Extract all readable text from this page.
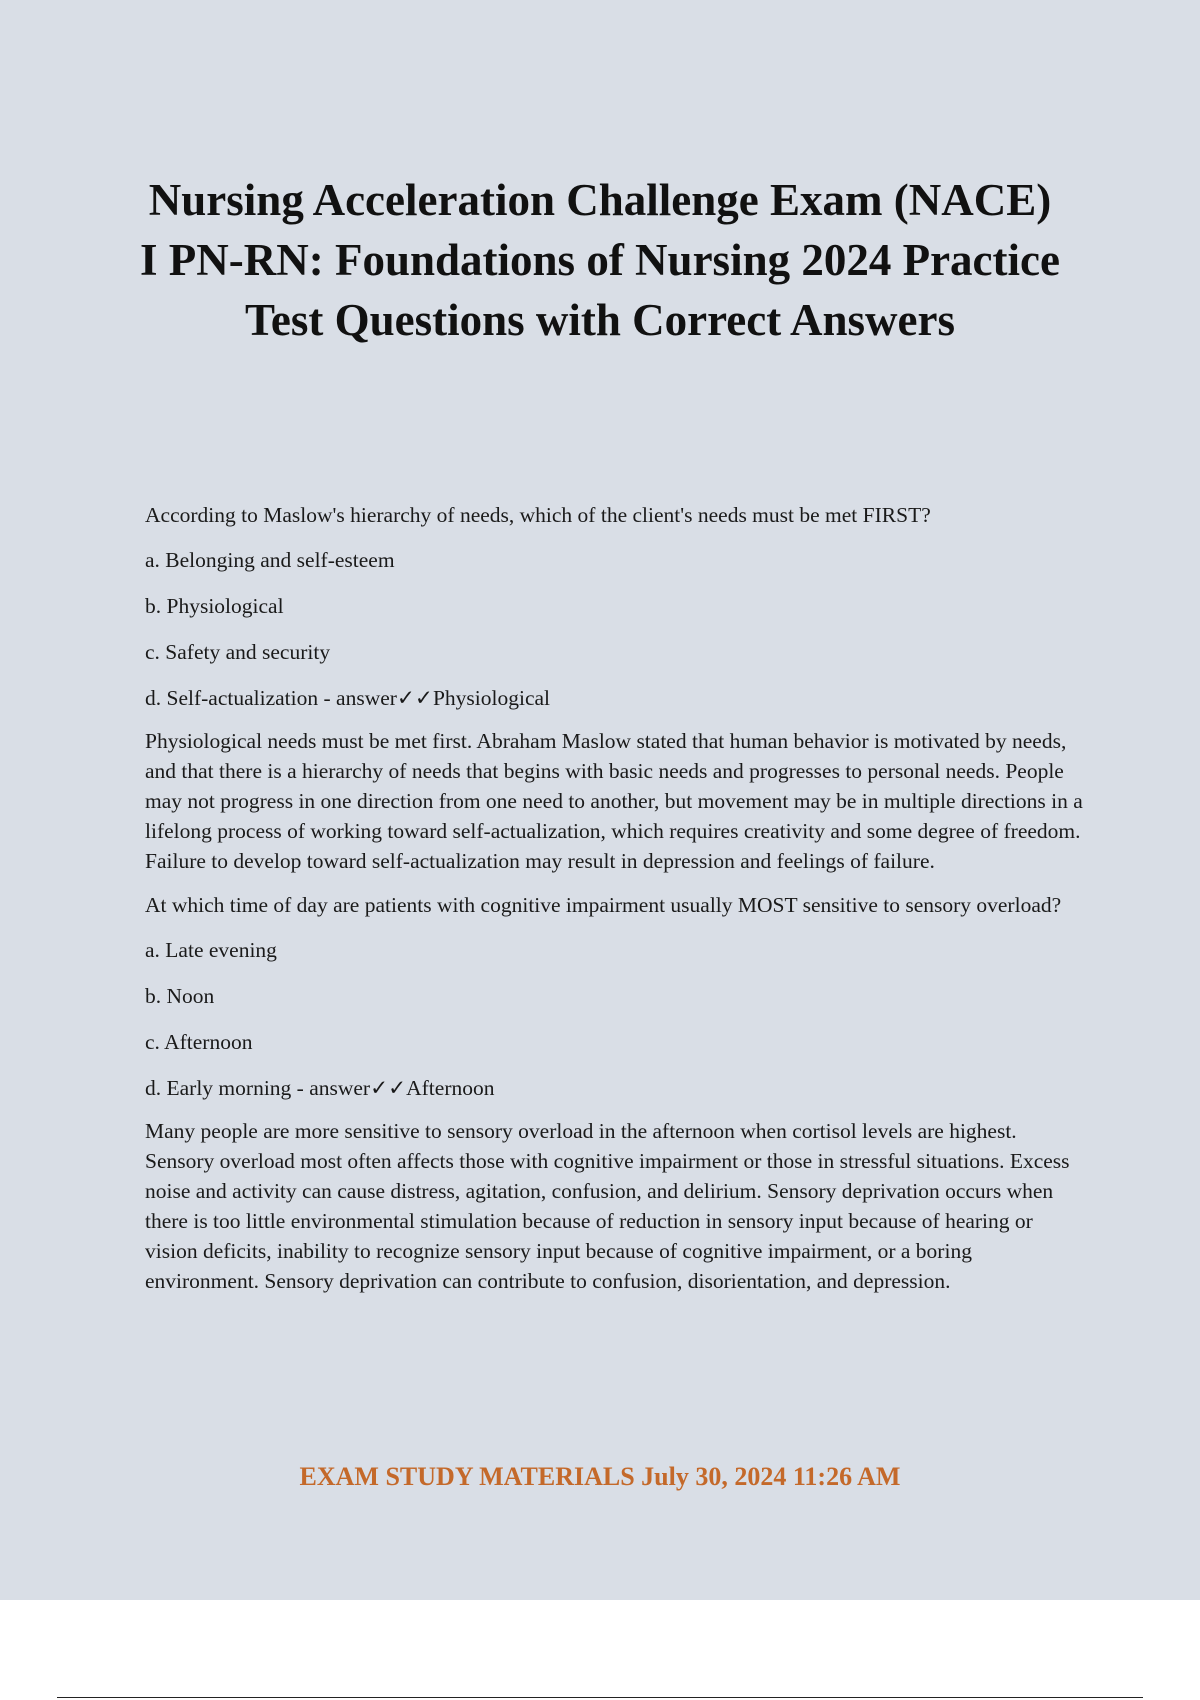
Nursing Acceleration Challenge Exam (NACE) I PN-RN: Foundations of Nursing 2024 Practice Test Questions with Correct Answers

According to Maslow's hierarchy of needs, which of the client's needs must be met FIRST?

a. Belonging and self-esteem

b. Physiological

c. Safety and security

d. Self-actualization - answer✓✓Physiological

Physiological needs must be met first. Abraham Maslow stated that human behavior is motivated by needs, and that there is a hierarchy of needs that begins with basic needs and progresses to personal needs. People may not progress in one direction from one need to another, but movement may be in multiple directions in a lifelong process of working toward self-actualization, which requires creativity and some degree of freedom. Failure to develop toward self-actualization may result in depression and feelings of failure.

At which time of day are patients with cognitive impairment usually MOST sensitive to sensory overload?

a. Late evening

b. Noon

c. Afternoon

d. Early morning - answer✓✓Afternoon

Many people are more sensitive to sensory overload in the afternoon when cortisol levels are highest. Sensory overload most often affects those with cognitive impairment or those in stressful situations. Excess noise and activity can cause distress, agitation, confusion, and delirium. Sensory deprivation occurs when there is too little environmental stimulation because of reduction in sensory input because of hearing or vision deficits, inability to recognize sensory input because of cognitive impairment, or a boring environment. Sensory deprivation can contribute to confusion, disorientation, and depression.

EXAM STUDY MATERIALS July 30, 2024 11:26 AM
